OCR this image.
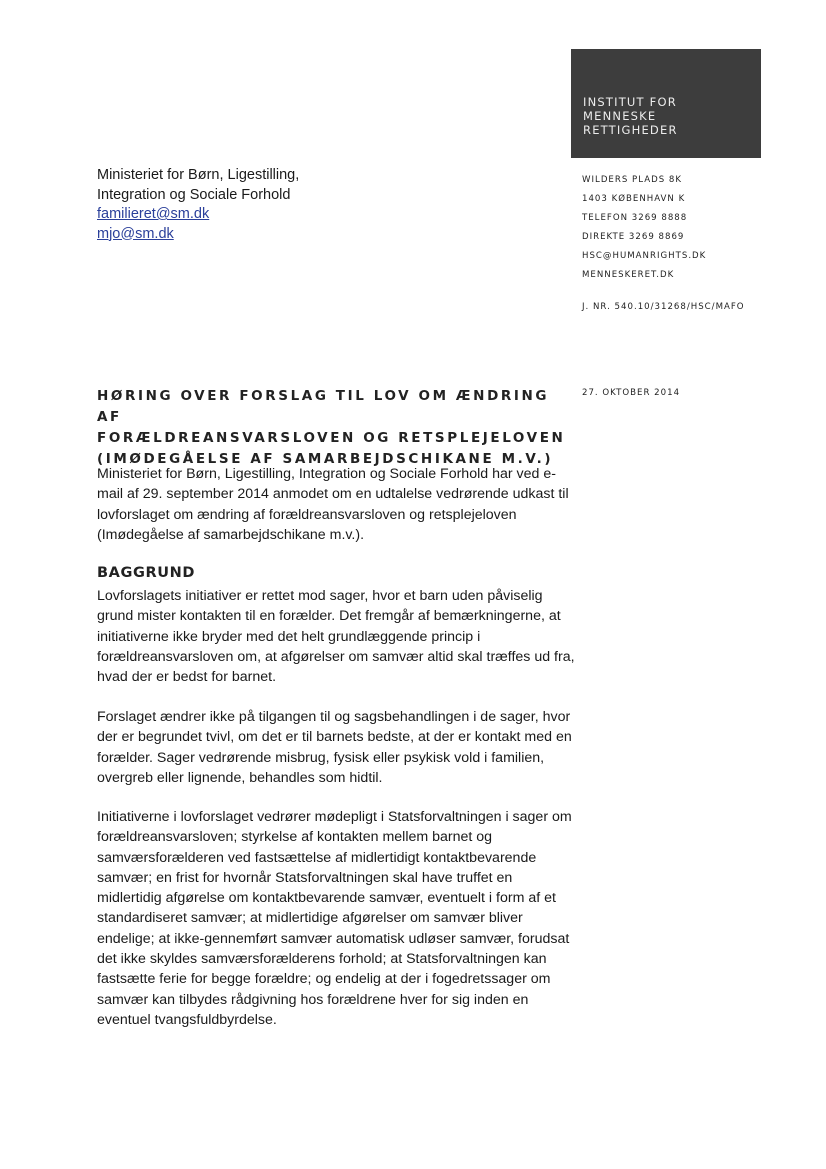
INSTITUT FOR
MENNESKE
RETTIGHEDER
Ministeriet for Børn, Ligestilling,
Integration og Sociale Forhold
familieret@sm.dk
mjo@sm.dk
WILDERS PLADS 8K
1403 KØBENHAVN K
TELEFON 3269 8888
DIREKTE 3269 8869
HSC@HUMANRIGHTS.DK
MENNESKERET.DK
J. NR. 540.10/31268/HSC/MAFO
HØRING OVER FORSLAG TIL LOV OM ÆNDRING AF
FORÆLDREANSVARSLOVEN OG RETSPLEJELOVEN
(IMØDEGÅELSE AF SAMARBEJDSCHIKANE M.V.)
27. OKTOBER 2014

Ministeriet for Børn, Ligestilling, Integration og Sociale Forhold har ved e-mail af 29. september 2014 anmodet om en udtalelse vedrørende udkast til lovforslaget om ændring af forældreansvarsloven og retsplejeloven (Imødegåelse af samarbejdschikane m.v.).

BAGGRUND

Lovforslagets initiativer er rettet mod sager, hvor et barn uden påviselig grund mister kontakten til en forælder. Det fremgår af bemærkningerne, at initiativerne ikke bryder med det helt grundlæggende princip i forældreansvarsloven om, at afgørelser om samvær altid skal træffes ud fra, hvad der er bedst for barnet.

Forslaget ændrer ikke på tilgangen til og sagsbehandlingen i de sager, hvor der er begrundet tvivl, om det er til barnets bedste, at der er kontakt med en forælder. Sager vedrørende misbrug, fysisk eller psykisk vold i familien, overgreb eller lignende, behandles som hidtil.

Initiativerne i lovforslaget vedrører mødepligt i Statsforvaltningen i sager om forældreansvarsloven; styrkelse af kontakten mellem barnet og samværsforælderen ved fastsættelse af midlertidigt kontaktbevarende samvær; en frist for hvornår Statsforvaltningen skal have truffet en midlertidig afgørelse om kontaktbevarende samvær, eventuelt i form af et standardiseret samvær; at midlertidige afgørelser om samvær bliver endelige; at ikke-gennemført samvær automatisk udløser samvær, forudsat det ikke skyldes samværsforælderens forhold; at Statsforvaltningen kan fastsætte ferie for begge forældre; og endelig at der i fogedretssager om samvær kan tilbydes rådgivning hos forældrene hver for sig inden en eventuel tvangsfuldbyrdelse.
